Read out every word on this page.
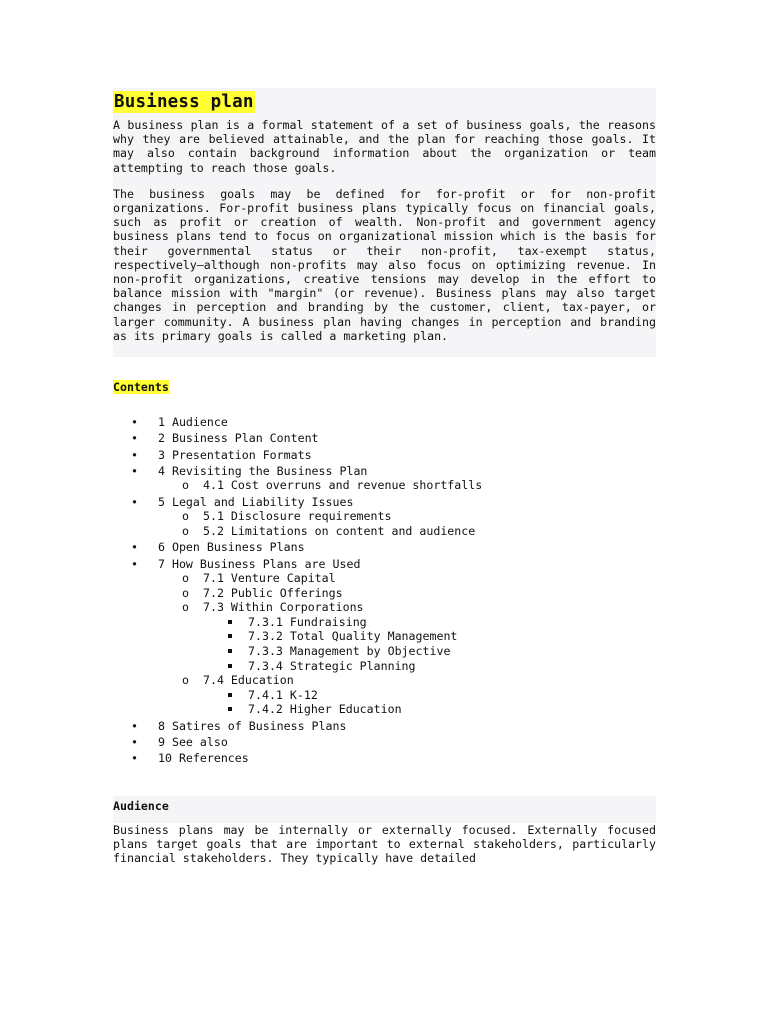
Business plan

A business plan is a formal statement of a set of business goals, the reasons why they are believed attainable, and the plan for reaching those goals. It may also contain background information about the organization or team attempting to reach those goals.

The business goals may be defined for for-profit or for non-profit organizations. For-profit business plans typically focus on financial goals, such as profit or creation of wealth. Non-profit and government agency business plans tend to focus on organizational mission which is the basis for their governmental status or their non-profit, tax-exempt status, respectively—although non-profits may also focus on optimizing revenue. In non-profit organizations, creative tensions may develop in the effort to balance mission with "margin" (or revenue). Business plans may also target changes in perception and branding by the customer, client, tax-payer, or larger community. A business plan having changes in perception and branding as its primary goals is called a marketing plan.

Contents
• 1 Audience
• 2 Business Plan Content
• 3 Presentation Formats
• 4 Revisiting the Business Plan
o 4.1 Cost overruns and revenue shortfalls
• 5 Legal and Liability Issues
o 5.1 Disclosure requirements
o 5.2 Limitations on content and audience
• 6 Open Business Plans
• 7 How Business Plans are Used
o 7.1 Venture Capital
o 7.2 Public Offerings
o 7.3 Within Corporations
7.3.1 Fundraising
7.3.2 Total Quality Management
7.3.3 Management by Objective
7.3.4 Strategic Planning
o 7.4 Education
7.4.1 K-12
7.4.2 Higher Education
• 8 Satires of Business Plans
• 9 See also
• 10 References
Audience

Business plans may be internally or externally focused. Externally focused plans target goals that are important to external stakeholders, particularly financial stakeholders. They typically have detailed
